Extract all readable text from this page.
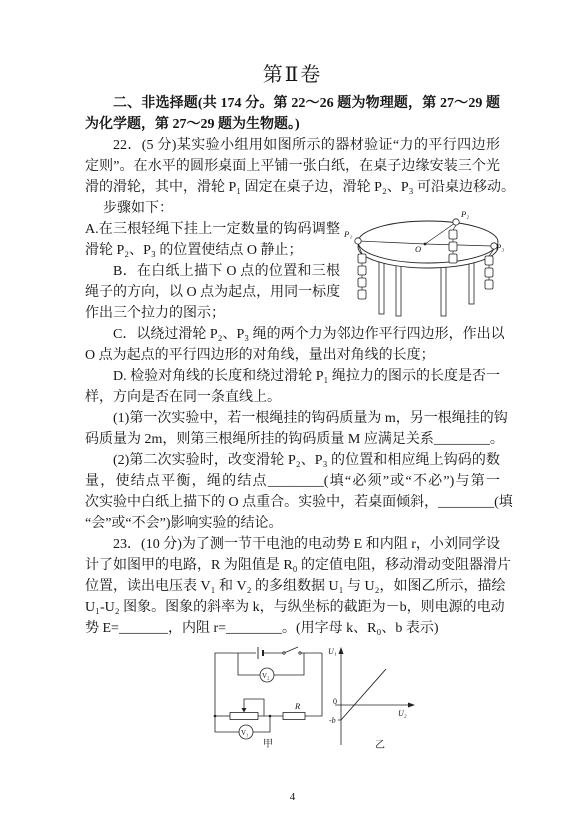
第Ⅱ卷
二、非选择题(共 174 分。第 22～26 题为物理题，第 27～29 题
为化学题，第 27～29 题为生物题。)
22．(5 分)某实验小组用如图所示的器材验证“力的平行四边形
定则”。在水平的圆形桌面上平铺一张白纸，在桌子边缘安装三个光
滑的滑轮，其中，滑轮 P₁ 固定在桌子边，滑轮 P₂、P₃ 可沿桌边移动。
步骤如下：
A.在三根轻绳下挂上一定数量的钩码调整
滑轮 P₂、P₃ 的位置使结点 O 静止；
B．在白纸上描下 O 点的位置和三根
绳子的方向，以 O 点为起点，用同一标度
作出三个拉力的图示；
C．以绕过滑轮 P₂、P₃ 绳的两个力为邻边作平行四边形，作出以
O 点为起点的平行四边形的对角线，量出对角线的长度；
D. 检验对角线的长度和绕过滑轮 P₁ 绳拉力的图示的长度是否一
样，方向是否在同一条直线上。
(1)第一次实验中，若一根绳挂的钩码质量为 m，另一根绳挂的钩
码质量为 2m，则第三根绳所挂的钩码质量 M 应满足关系________。
(2)第二次实验时，改变滑轮 P₂、P₃ 的位置和相应绳上钩码的数
量，使结点平衡，绳的结点________(填“必须”或“不必”)与第一
次实验中白纸上描下的 O 点重合。实验中，若桌面倾斜，________(填
“会”或“不会”)影响实验的结论。
23．(10 分)为了测一节干电池的电动势 E 和内阻 r，小刘同学设
计了如图甲的电路，R 为阻值是 R₀ 的定值电阻，移动滑动变阻器滑片
位置，读出电压表 V₁ 和 V₂ 的多组数据 U₁ 与 U₂，如图乙所示，描绘
U₁-U₂ 图象。图象的斜率为 k，与纵坐标的截距为－b，则电源的电动
势 E=_______，内阻 r=________。(用字母 k、R₀、b 表示)
P₁
P₂
P₃
O
V₂
V₁
R
甲
U₁
U₂
0
-b
乙
4
